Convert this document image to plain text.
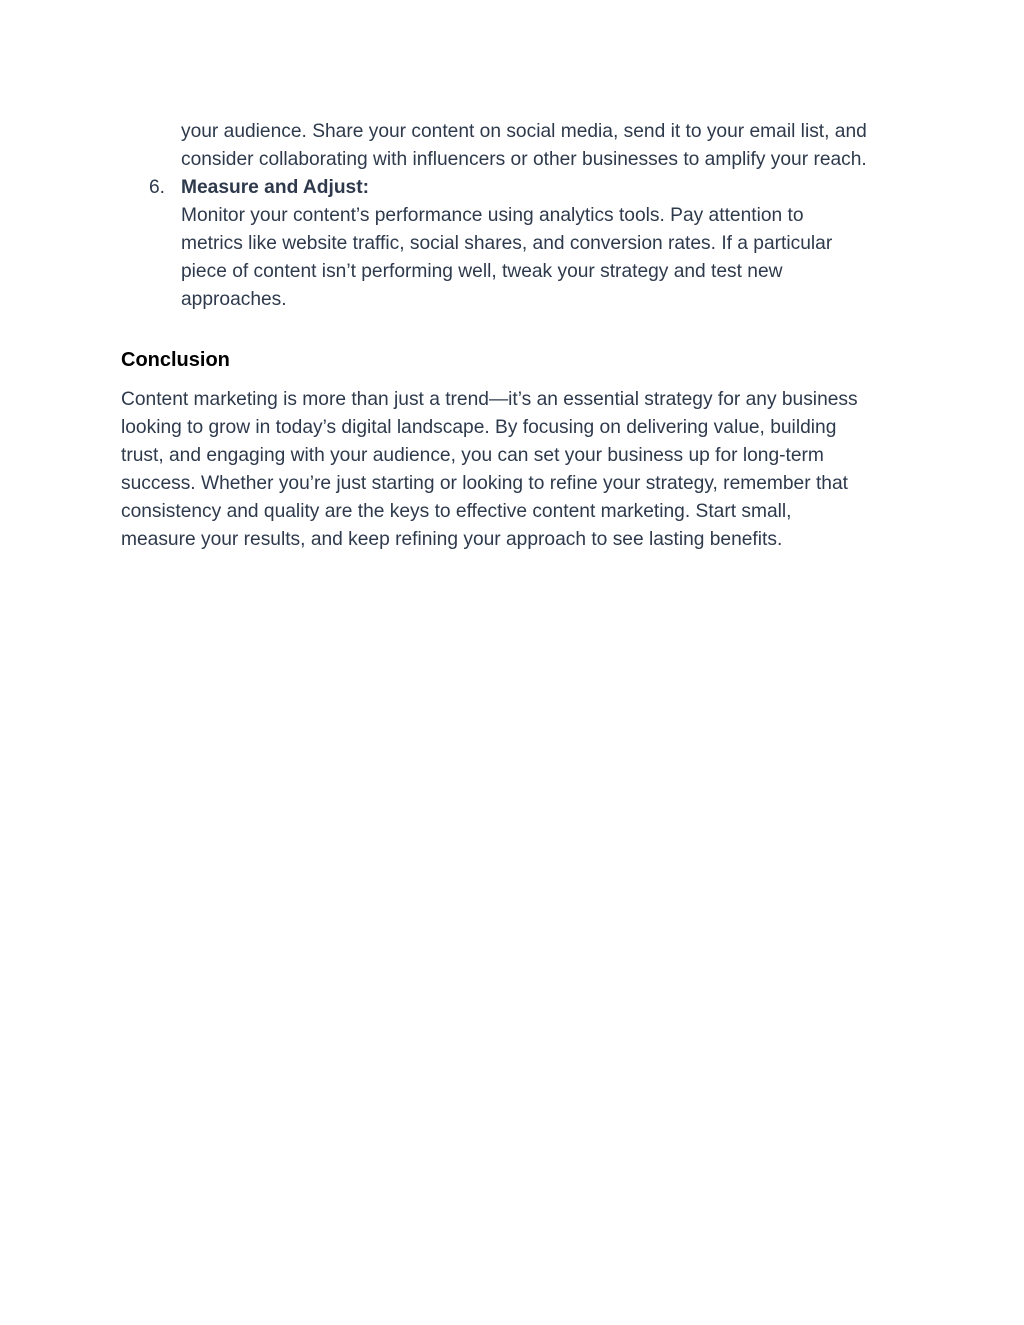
your audience. Share your content on social media, send it to your email list, and
consider collaborating with influencers or other businesses to amplify your reach.
6. Measure and Adjust:
Monitor your content’s performance using analytics tools. Pay attention to
metrics like website traffic, social shares, and conversion rates. If a particular
piece of content isn’t performing well, tweak your strategy and test new
approaches.
Conclusion

Content marketing is more than just a trend—it’s an essential strategy for any business
looking to grow in today’s digital landscape. By focusing on delivering value, building
trust, and engaging with your audience, you can set your business up for long-term
success. Whether you’re just starting or looking to refine your strategy, remember that
consistency and quality are the keys to effective content marketing. Start small,
measure your results, and keep refining your approach to see lasting benefits.
